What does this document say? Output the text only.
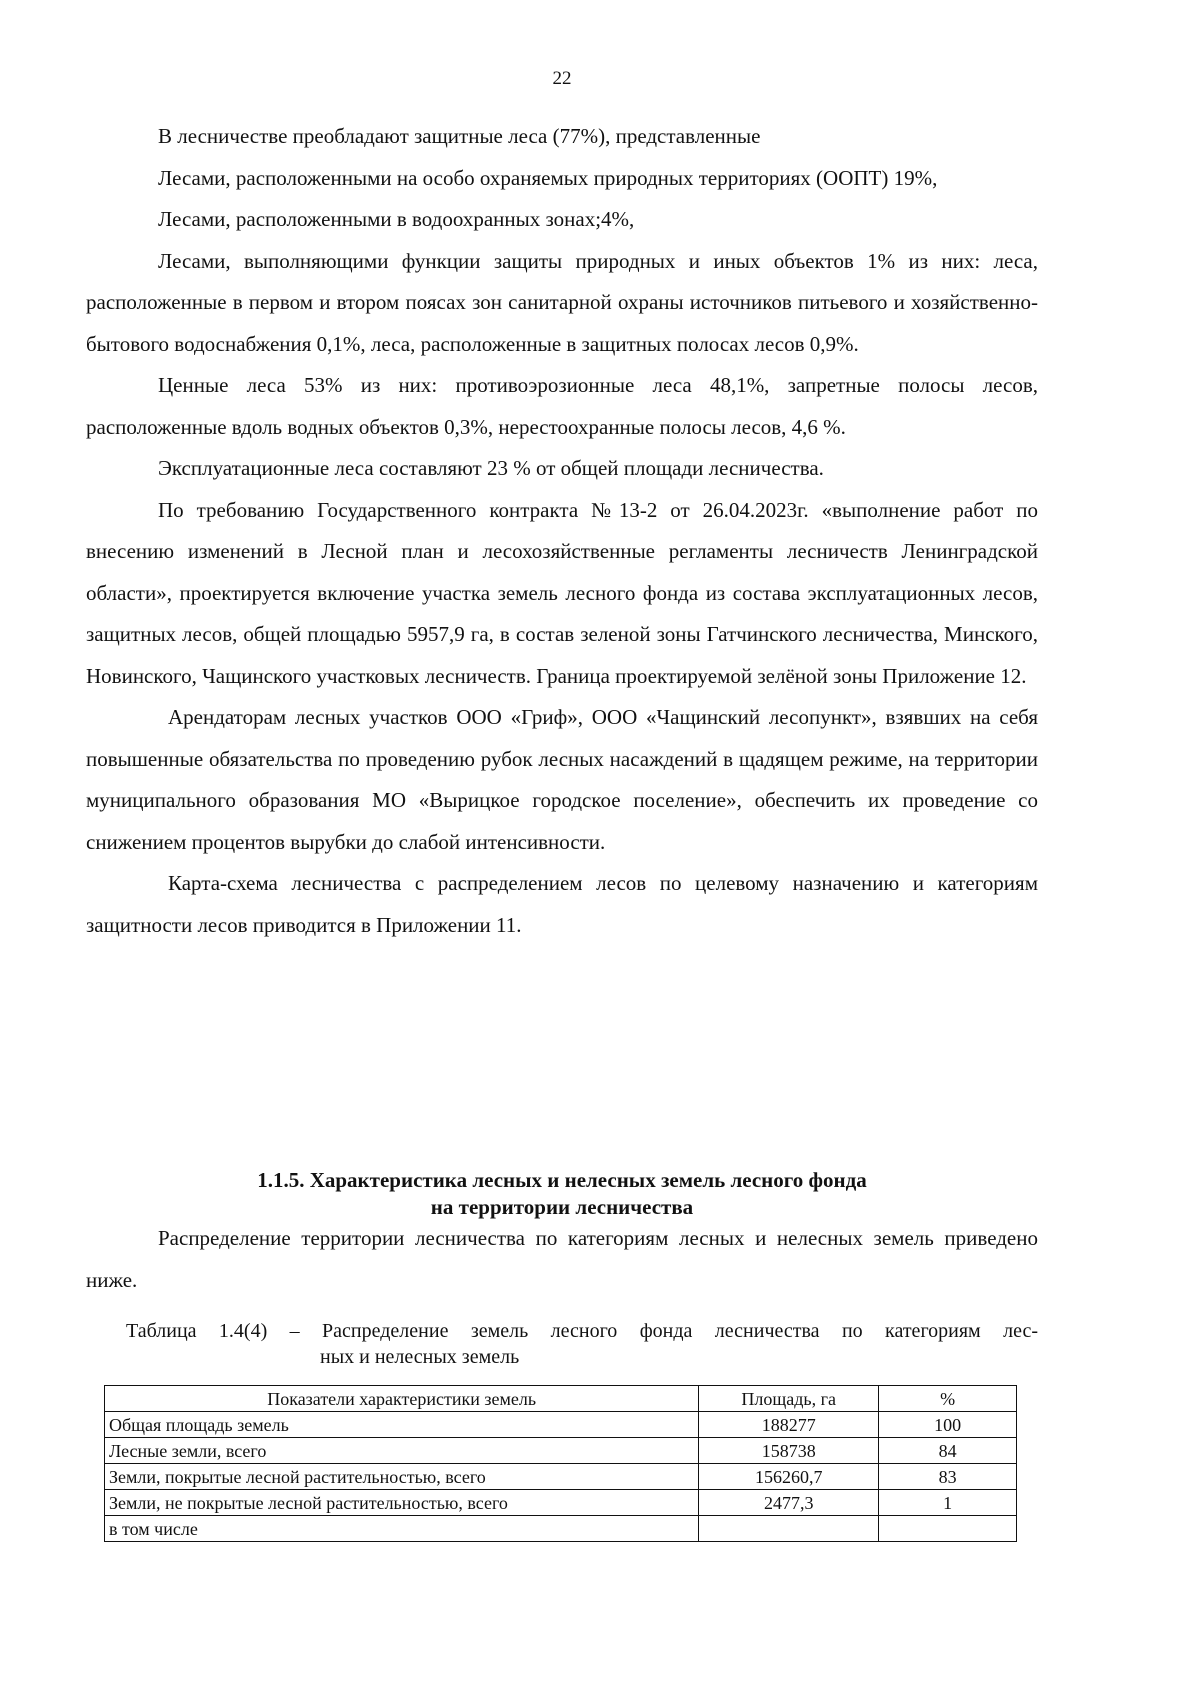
22

В лесничестве преобладают защитные леса (77%), представленные

Лесами, расположенными на особо охраняемых природных территориях (ООПТ) 19%,

Лесами, расположенными в водоохранных зонах;4%,

Лесами, выполняющими функции защиты природных и иных объектов 1% из них: леса, расположенные в первом и втором поясах зон санитарной охраны источников питьевого и хозяйственно-бытового водоснабжения 0,1%, леса, расположенные в защитных полосах лесов 0,9%.

Ценные леса 53% из них: противоэрозионные леса 48,1%, запретные полосы лесов, расположенные вдоль водных объектов 0,3%, нерестоохранные полосы лесов, 4,6 %.

Эксплуатационные леса составляют 23 % от общей площади лесничества.

По требованию Государственного контракта №13-2 от 26.04.2023г. «выполнение работ по внесению изменений в Лесной план и лесохозяйственные регламенты лесничеств Ленинградской области», проектируется включение участка земель лесного фонда из состава эксплуатационных лесов, защитных лесов, общей площадью 5957,9 га, в состав зеленой зоны Гатчинского лесничества, Минского, Новинского, Чащинского участковых лесничеств. Граница проектируемой зелёной зоны Приложение 12.

Арендаторам лесных участков ООО «Гриф», ООО «Чащинский лесопункт», взявших на себя повышенные обязательства по проведению рубок лесных насаждений в щадящем режиме, на территории муниципального образования МО «Вырицкое городское поселение», обеспечить их проведение со снижением процентов вырубки до слабой интенсивности.

Карта-схема лесничества с распределением лесов по целевому назначению и категориям защитности лесов приводится в Приложении 11.

1.1.5. Характеристика лесных и нелесных земель лесного фонда
на территории лесничества

Распределение территории лесничества по категориям лесных и нелесных земель приведено ниже.

Таблица 1.4(4) – Распределение земель лесного фонда лесничества по категориям лес-
ных и нелесных земель
Показатели характеристики земель	Площадь, га	%
Общая площадь земель	188277	100
Лесные земли, всего	158738	84
Земли, покрытые лесной растительностью, всего	156260,7	83
Земли, не покрытые лесной растительностью, всего	2477,3	1
в том числе		
